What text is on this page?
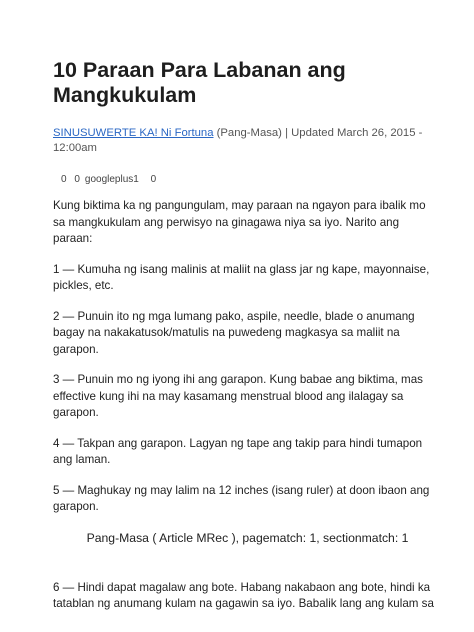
10 Paraan Para Labanan ang Mangkukulam
SINUSUWERTE KA! Ni Fortuna (Pang-Masa) | Updated March 26, 2015 - 12:00am
0 0 googleplus1 0

Kung biktima ka ng pangungulam, may paraan na ngayon para ibalik mo sa mangkukulam ang perwisyo na ginagawa niya sa iyo. Narito ang paraan:

1 — Kumuha ng isang malinis at maliit na glass jar ng kape, mayonnaise, pickles, etc.

2 — Punuin ito ng mga lumang pako, aspile, needle, blade o anumang bagay na nakakatusok/matulis na puwedeng magkasya sa maliit na garapon.

3 — Punuin mo ng iyong ihi ang garapon. Kung babae ang biktima, mas effective kung ihi na may kasamang menstrual blood ang ilalagay sa garapon.

4 — Takpan ang garapon. Lagyan ng tape ang takip para hindi tumapon ang laman.

5 — Maghukay ng may lalim na 12 inches (isang ruler) at doon ibaon ang garapon.

Pang-Masa ( Article MRec ), pagematch: 1, sectionmatch: 1

6 — Hindi dapat magalaw ang bote. Habang nakabaon ang bote, hindi ka tatablan ng anumang kulam na gagawin sa iyo. Babalik lang ang kulam sa
